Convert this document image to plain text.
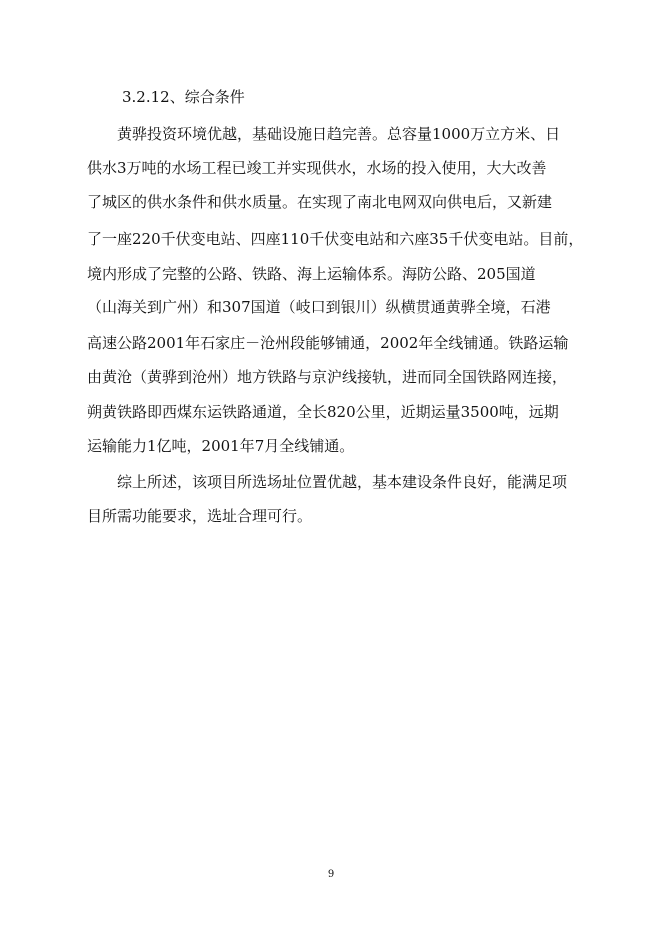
3.2.12、综合条件
黄骅投资环境优越，基础设施日趋完善。总容量1000万立方米、日
供水3万吨的水场工程已竣工并实现供水，水场的投入使用，大大改善
了城区的供水条件和供水质量。在实现了南北电网双向供电后，又新建
了一座220千伏变电站、四座110千伏变电站和六座35千伏变电站。目前，
境内形成了完整的公路、铁路、海上运输体系。海防公路、205国道
（山海关到广州）和307国道（岐口到银川）纵横贯通黄骅全境，石港
高速公路2001年石家庄－沧州段能够铺通，2002年全线铺通。铁路运输
由黄沧（黄骅到沧州）地方铁路与京沪线接轨，进而同全国铁路网连接，
朔黄铁路即西煤东运铁路通道，全长820公里，近期运量3500吨，远期
运输能力1亿吨，2001年7月全线铺通。
综上所述，该项目所选场址位置优越，基本建设条件良好，能满足项
目所需功能要求，选址合理可行。
9
